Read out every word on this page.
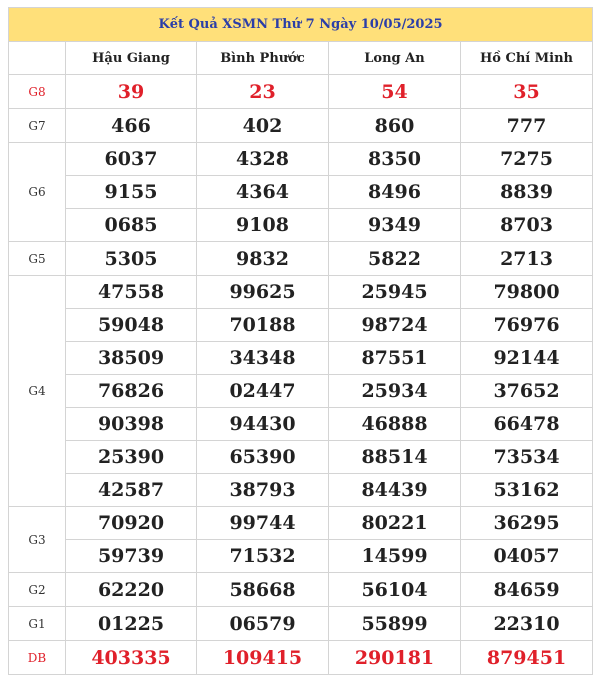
Kết Quả XSMN Thứ 7 Ngày 10/05/2025				
	Hậu Giang	Bình Phước	Long An	Hồ Chí Minh
G8	39	23	54	35
G7	466	402	860	777
G6	6037	4328	8350	7275
	9155	4364	8496	8839
	0685	9108	9349	8703
G5	5305	9832	5822	2713
G4	47558	99625	25945	79800
	59048	70188	98724	76976
	38509	34348	87551	92144
	76826	02447	25934	37652
	90398	94430	46888	66478
	25390	65390	88514	73534
	42587	38793	84439	53162
G3	70920	99744	80221	36295
	59739	71532	14599	04057
G2	62220	58668	56104	84659
G1	01225	06579	55899	22310
DB	403335	109415	290181	879451
